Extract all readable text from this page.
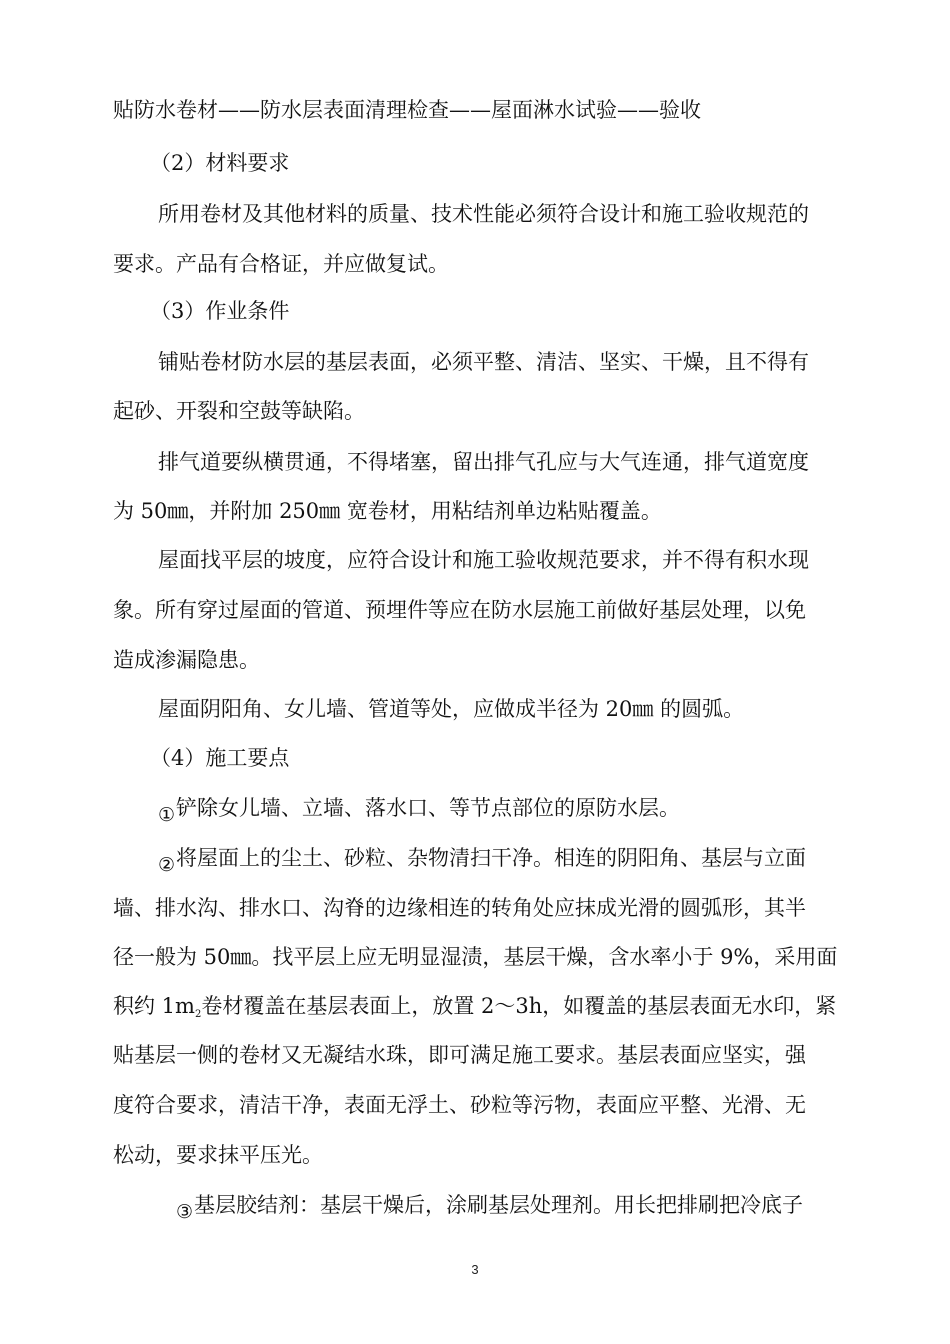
贴防水卷材——防水层表面清理检查——屋面淋水试验——验收
（2）材料要求
所用卷材及其他材料的质量、技术性能必须符合设计和施工验收规范的
要求。产品有合格证，并应做复试。
（3）作业条件
铺贴卷材防水层的基层表面，必须平整、清洁、坚实、干燥，且不得有
起砂、开裂和空鼓等缺陷。
排气道要纵横贯通，不得堵塞，留出排气孔应与大气连通，排气道宽度
为 50㎜，并附加 250㎜ 宽卷材，用粘结剂单边粘贴覆盖。
屋面找平层的坡度，应符合设计和施工验收规范要求，并不得有积水现
象。所有穿过屋面的管道、预埋件等应在防水层施工前做好基层处理，以免
造成渗漏隐患。
屋面阴阳角、女儿墙、管道等处，应做成半径为 20㎜ 的圆弧。
（4）施工要点
①铲除女儿墙、立墙、落水口、等节点部位的原防水层。
②将屋面上的尘土、砂粒、杂物清扫干净。相连的阴阳角、基层与立面
墙、排水沟、排水口、沟脊的边缘相连的转角处应抹成光滑的圆弧形，其半
径一般为 50㎜。找平层上应无明显湿渍，基层干燥，含水率小于 9%，采用面
积约 1m2卷材覆盖在基层表面上，放置 2～3h，如覆盖的基层表面无水印，紧
贴基层一侧的卷材又无凝结水珠，即可满足施工要求。基层表面应坚实，强
度符合要求，清洁干净，表面无浮土、砂粒等污物，表面应平整、光滑、无
松动，要求抹平压光。
③基层胶结剂：基层干燥后，涂刷基层处理剂。用长把排刷把冷底子
3
